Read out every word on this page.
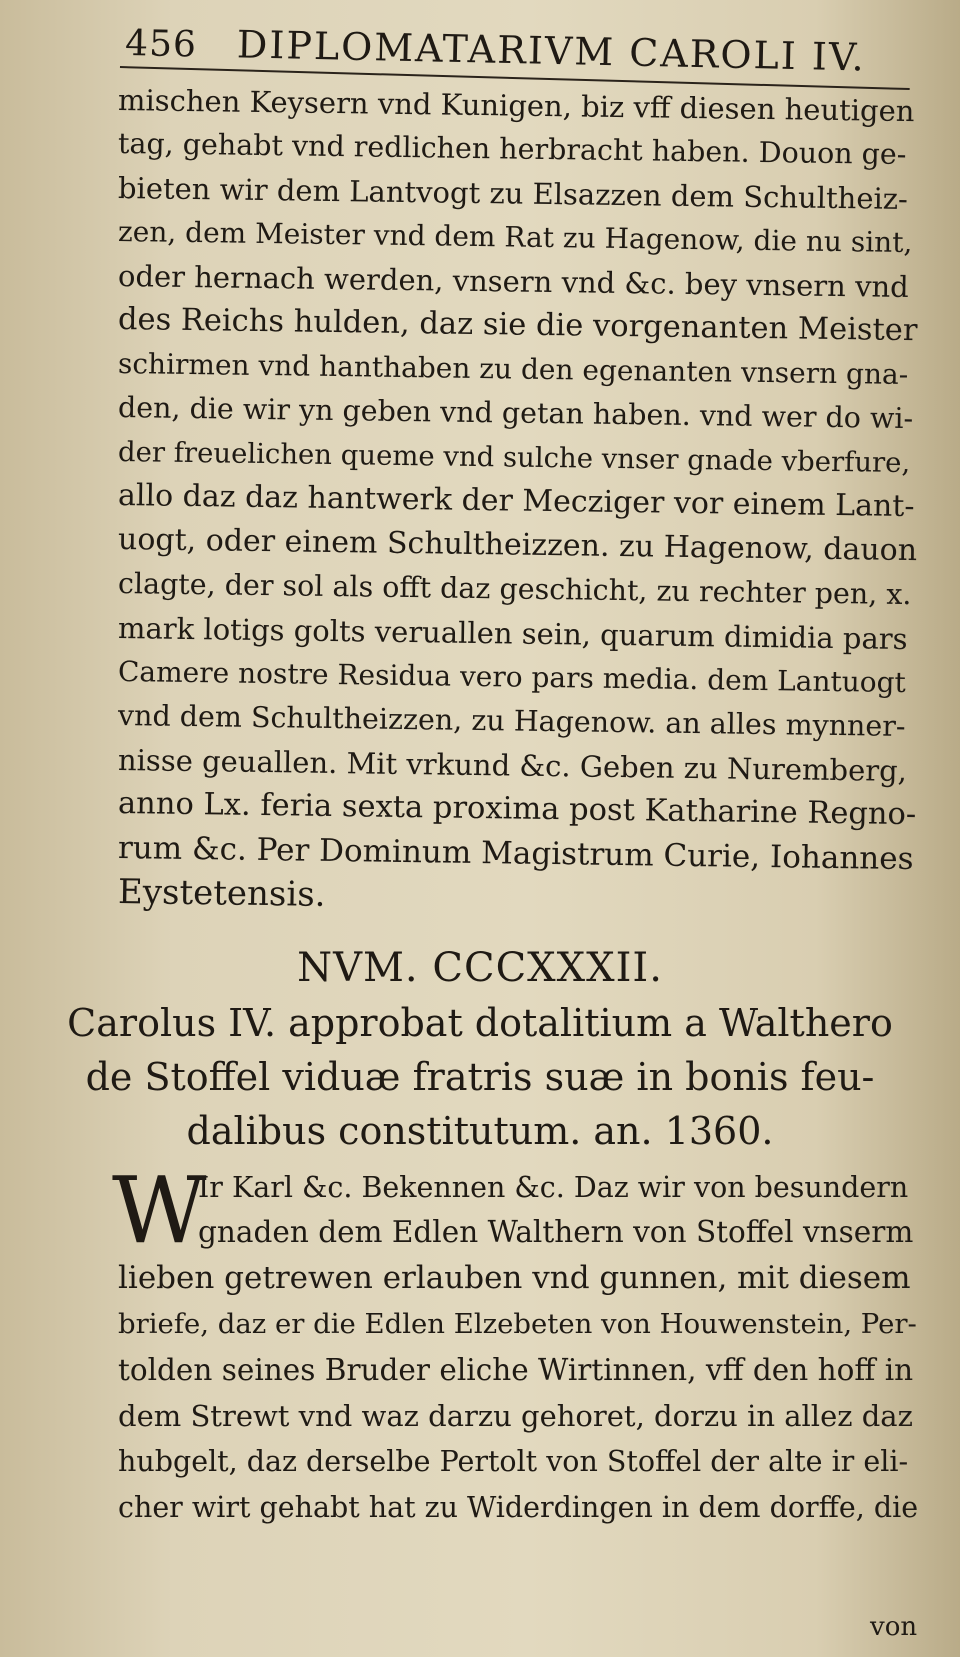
456 DIPLOMATARIVM CAROLI IV.
mischen Keysern vnd Kunigen, biz vff diesen heutigen
tag, gehabt vnd redlichen herbracht haben. Douon ge-
bieten wir dem Lantvogt zu Elsazzen dem Schultheiz-
zen, dem Meister vnd dem Rat zu Hagenow, die nu sint,
oder hernach werden, vnsern vnd &c. bey vnsern vnd
des Reichs hulden, daz sie die vorgenanten Meister
schirmen vnd hanthaben zu den egenanten vnsern gna-
den, die wir yn geben vnd getan haben. vnd wer do wi-
der freuelichen queme vnd sulche vnser gnade vberfure,
allo daz daz hantwerk der Mecziger vor einem Lant-
uogt, oder einem Schultheizzen. zu Hagenow, dauon
clagte, der sol als offt daz geschicht, zu rechter pen, x.
mark lotigs golts veruallen sein, quarum dimidia pars
Camere nostre Residua vero pars media. dem Lantuogt
vnd dem Schultheizzen, zu Hagenow. an alles mynner-
nisse geuallen. Mit vrkund &c. Geben zu Nuremberg,
anno Lx. feria sexta proxima post Katharine Regno-
rum &c. Per Dominum Magistrum Curie, Iohannes
Eystetensis.
NVM. CCCXXXII.
Carolus IV. approbat dotalitium a Walthero
de Stoffel viduæ fratris suæ in bonis feu-
dalibus constitutum. an. 1360.
W
Ir Karl &c. Bekennen &c. Daz wir von besundern
gnaden dem Edlen Walthern von Stoffel vnserm
lieben getrewen erlauben vnd gunnen, mit diesem
briefe, daz er die Edlen Elzebeten von Houwenstein, Per-
tolden seines Bruder eliche Wirtinnen, vff den hoff in
dem Strewt vnd waz darzu gehoret, dorzu in allez daz
hubgelt, daz derselbe Pertolt von Stoffel der alte ir eli-
cher wirt gehabt hat zu Widerdingen in dem dorffe, die
von
